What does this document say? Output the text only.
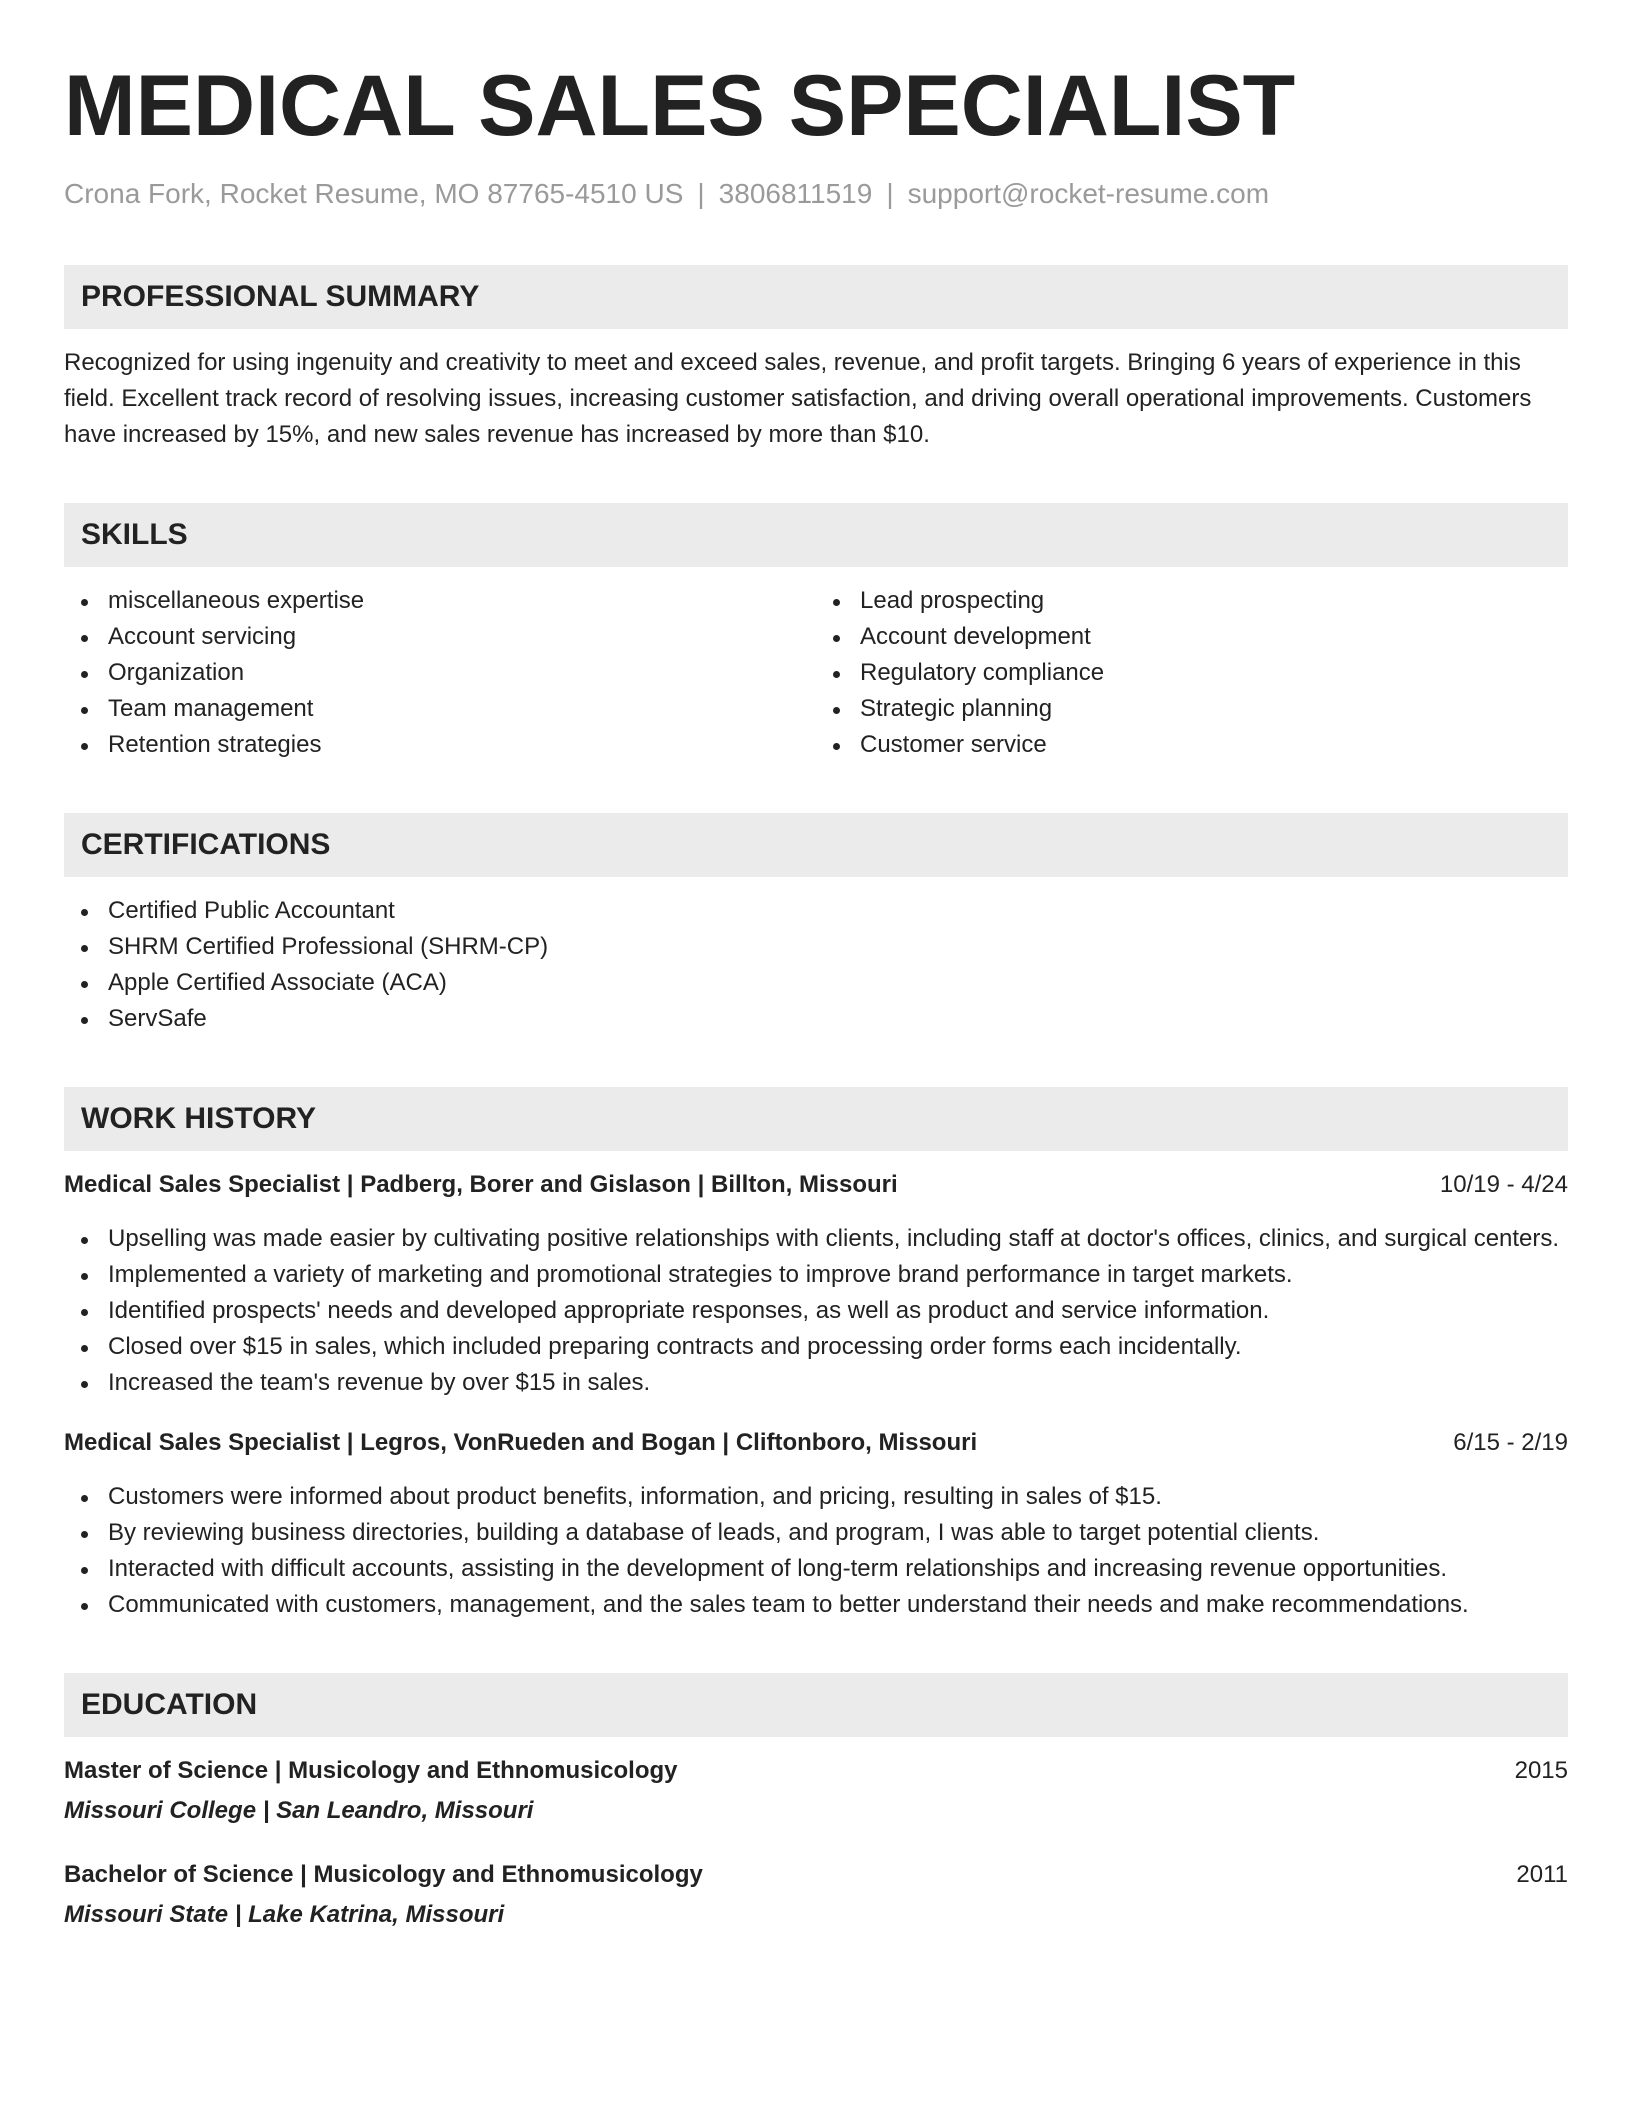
MEDICAL SALES SPECIALIST
Crona Fork, Rocket Resume, MO 87765-4510 US | 3806811519 | support@rocket-resume.com
PROFESSIONAL SUMMARY
Recognized for using ingenuity and creativity to meet and exceed sales, revenue, and profit targets. Bringing 6 years of experience in this field. Excellent track record of resolving issues, increasing customer satisfaction, and driving overall operational improvements. Customers have increased by 15%, and new sales revenue has increased by more than $10.
SKILLS
miscellaneous expertise
Account servicing
Organization
Team management
Retention strategies
Lead prospecting
Account development
Regulatory compliance
Strategic planning
Customer service
CERTIFICATIONS
Certified Public Accountant
SHRM Certified Professional (SHRM-CP)
Apple Certified Associate (ACA)
ServSafe
WORK HISTORY
Medical Sales Specialist | Padberg, Borer and Gislason | Billton, Missouri	10/19 - 4/24
Upselling was made easier by cultivating positive relationships with clients, including staff at doctor's offices, clinics, and surgical centers.
Implemented a variety of marketing and promotional strategies to improve brand performance in target markets.
Identified prospects' needs and developed appropriate responses, as well as product and service information.
Closed over $15 in sales, which included preparing contracts and processing order forms each incidentally.
Increased the team's revenue by over $15 in sales.
Medical Sales Specialist | Legros, VonRueden and Bogan | Cliftonboro, Missouri	6/15 - 2/19
Customers were informed about product benefits, information, and pricing, resulting in sales of $15.
By reviewing business directories, building a database of leads, and program, I was able to target potential clients.
Interacted with difficult accounts, assisting in the development of long-term relationships and increasing revenue opportunities.
Communicated with customers, management, and the sales team to better understand their needs and make recommendations.
EDUCATION
Master of Science | Musicology and Ethnomusicology	2015
Missouri College | San Leandro, Missouri
Bachelor of Science | Musicology and Ethnomusicology	2011
Missouri State | Lake Katrina, Missouri
